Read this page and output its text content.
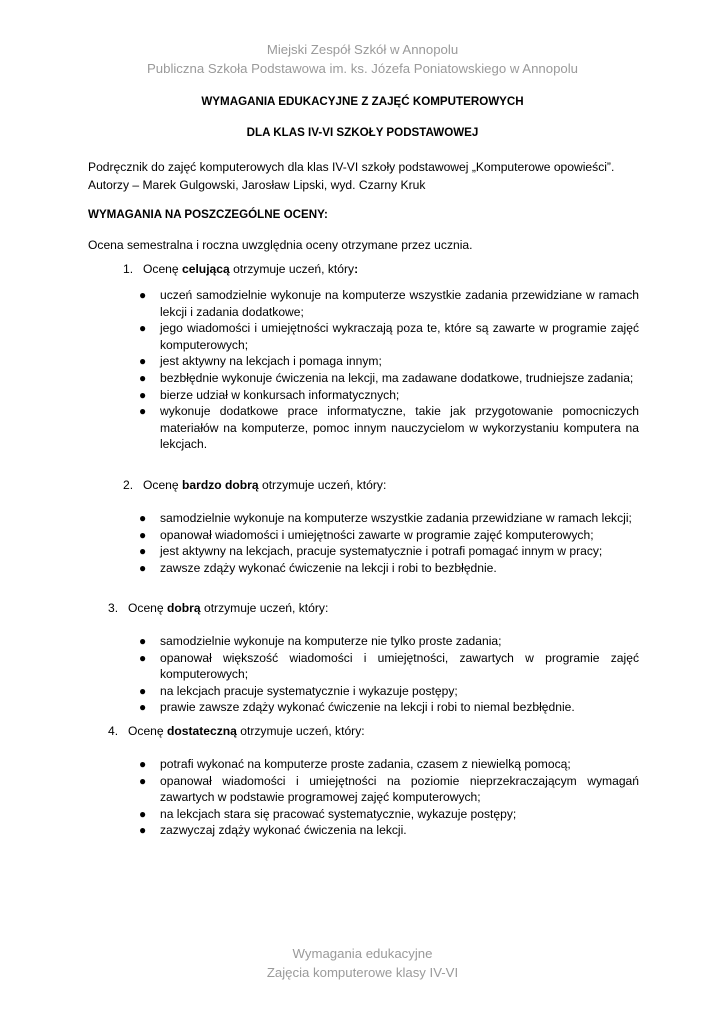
Miejski Zespół Szkół w Annopolu
Publiczna Szkoła Podstawowa im. ks. Józefa Poniatowskiego w Annopolu
WYMAGANIA EDUKACYJNE Z ZAJĘĆ KOMPUTEROWYCH
DLA KLAS IV-VI SZKOŁY PODSTAWOWEJ
Podręcznik do zajęć komputerowych dla klas IV-VI szkoły podstawowej „Komputerowe opowieści”.
Autorzy – Marek Gulgowski, Jarosław Lipski, wyd. Czarny Kruk
WYMAGANIA NA POSZCZEGÓLNE OCENY:
Ocena semestralna i roczna uwzględnia oceny otrzymane przez ucznia.
1. Ocenę celującą otrzymuje uczeń, który:
● uczeń samodzielnie wykonuje na komputerze wszystkie zadania przewidziane w ramach lekcji i zadania dodatkowe;
● jego wiadomości i umiejętności wykraczają poza te, które są zawarte w programie zajęć komputerowych;
● jest aktywny na lekcjach i pomaga innym;
● bezbłędnie wykonuje ćwiczenia na lekcji, ma zadawane dodatkowe, trudniejsze zadania;
● bierze udział w konkursach informatycznych;
● wykonuje dodatkowe prace informatyczne, takie jak przygotowanie pomocniczych materiałów na komputerze, pomoc innym nauczycielom w wykorzystaniu komputera na lekcjach.
2. Ocenę bardzo dobrą otrzymuje uczeń, który:
● samodzielnie wykonuje na komputerze wszystkie zadania przewidziane w ramach lekcji;
● opanował wiadomości i umiejętności zawarte w programie zajęć komputerowych;
● jest aktywny na lekcjach, pracuje systematycznie i potrafi pomagać innym w pracy;
● zawsze zdąży wykonać ćwiczenie na lekcji i robi to bezbłędnie.
3. Ocenę dobrą otrzymuje uczeń, który:
● samodzielnie wykonuje na komputerze nie tylko proste zadania;
● opanował większość wiadomości i umiejętności, zawartych w programie zajęć komputerowych;
● na lekcjach pracuje systematycznie i wykazuje postępy;
● prawie zawsze zdąży wykonać ćwiczenie na lekcji i robi to niemal bezbłędnie.
4. Ocenę dostateczną otrzymuje uczeń, który:
● potrafi wykonać na komputerze proste zadania, czasem z niewielką pomocą;
● opanował wiadomości i umiejętności na poziomie nieprzekraczającym wymagań zawartych w podstawie programowej zajęć komputerowych;
● na lekcjach stara się pracować systematycznie, wykazuje postępy;
● zazwyczaj zdąży wykonać ćwiczenia na lekcji.
Wymagania edukacyjne
Zajęcia komputerowe klasy IV-VI
